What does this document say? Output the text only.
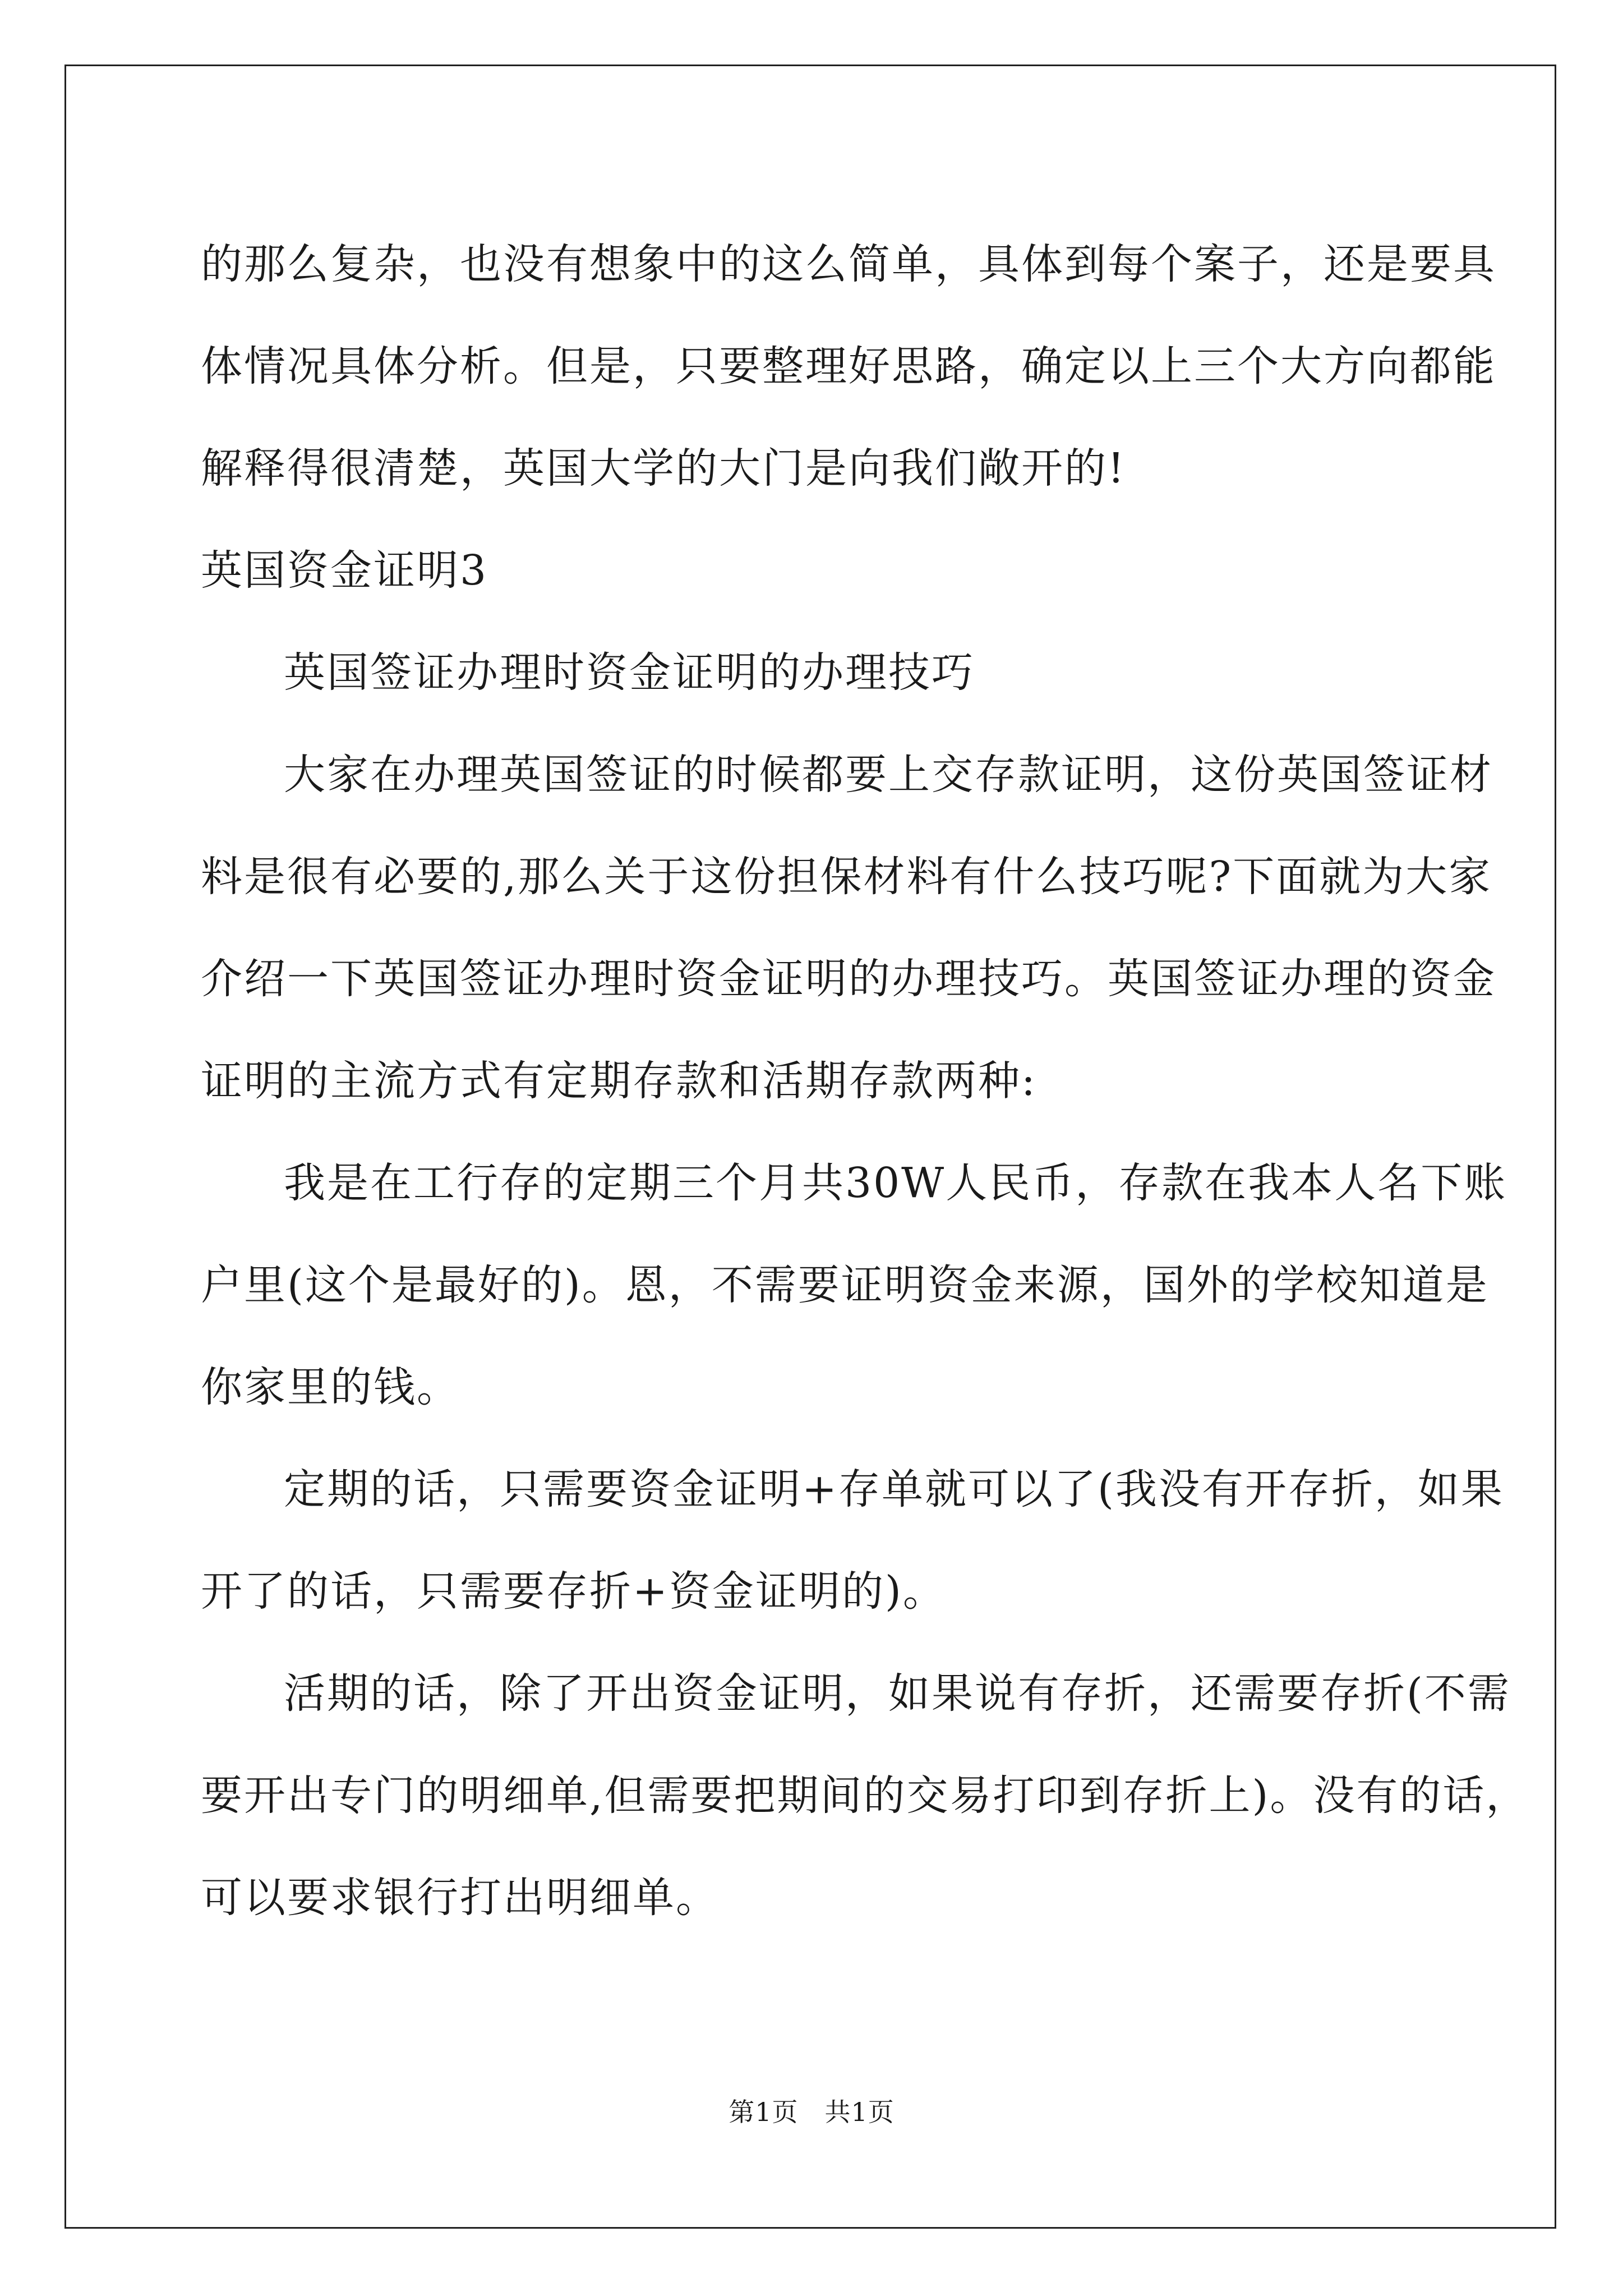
的那么复杂，也没有想象中的这么简单，具体到每个案子，还是要具
体情况具体分析。但是，只要整理好思路，确定以上三个大方向都能
解释得很清楚，英国大学的大门是向我们敞开的!
英国资金证明3
英国签证办理时资金证明的办理技巧
大家在办理英国签证的时候都要上交存款证明，这份英国签证材
料是很有必要的,那么关于这份担保材料有什么技巧呢?下面就为大家
介绍一下英国签证办理时资金证明的办理技巧。英国签证办理的资金
证明的主流方式有定期存款和活期存款两种:
我是在工行存的定期三个月共30W人民币，存款在我本人名下账
户里(这个是最好的)。恩，不需要证明资金来源，国外的学校知道是
你家里的钱。
定期的话，只需要资金证明+存单就可以了(我没有开存折，如果
开了的话，只需要存折+资金证明的)。
活期的话，除了开出资金证明，如果说有存折，还需要存折(不需
要开出专门的明细单,但需要把期间的交易打印到存折上)。没有的话，
可以要求银行打出明细单。
第1页　共1页
